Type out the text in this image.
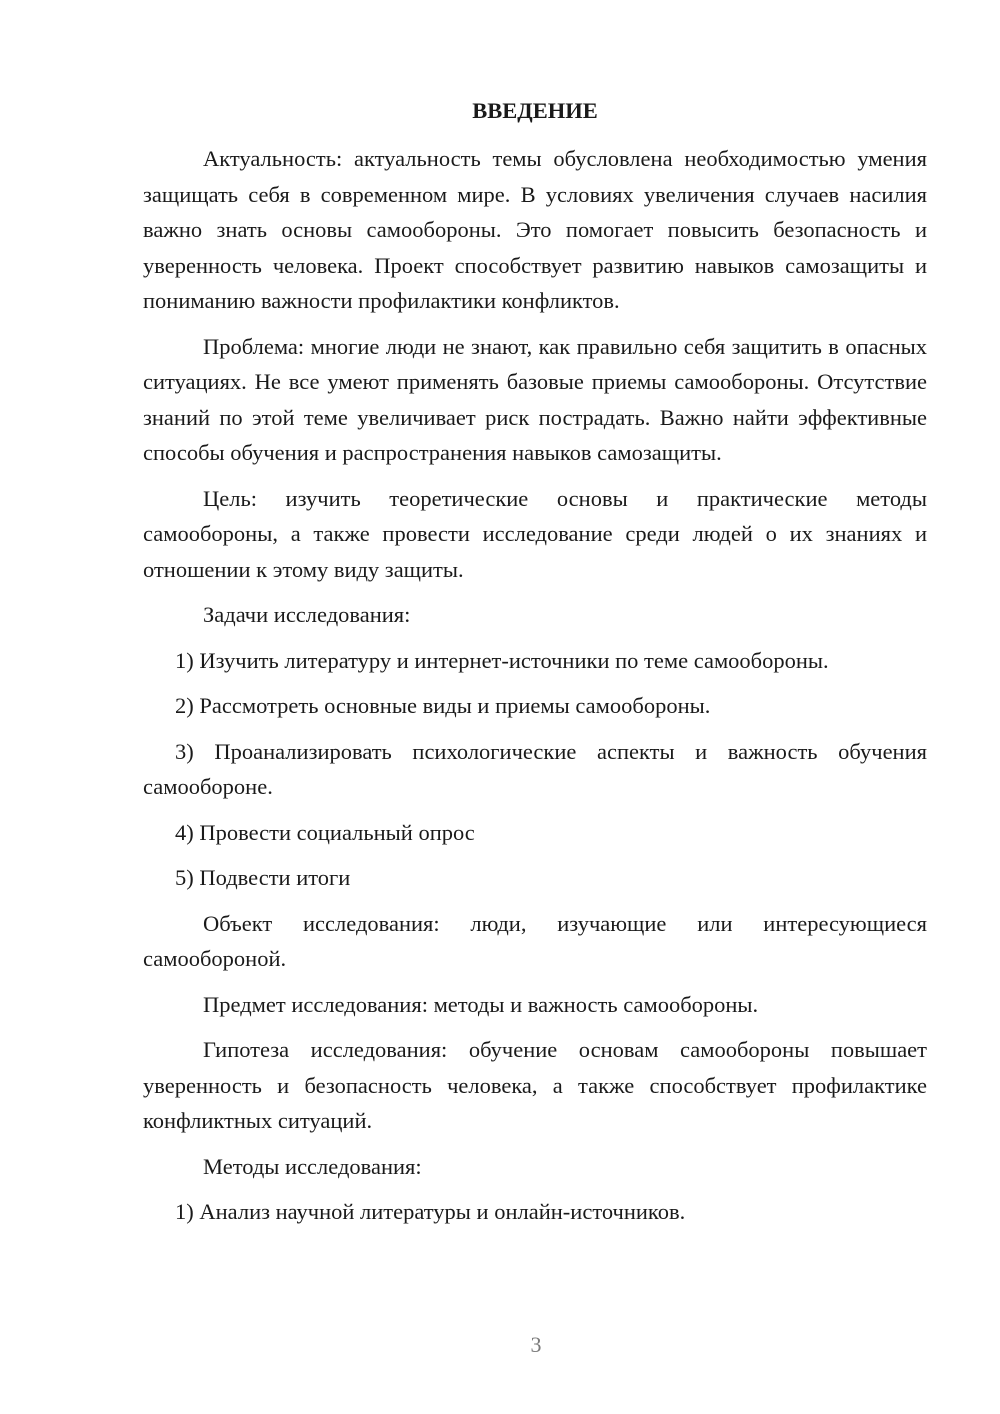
ВВЕДЕНИЕ

Актуальность: актуальность темы обусловлена необходимостью умения защищать себя в современном мире. В условиях увеличения случаев насилия важно знать основы самообороны. Это помогает повысить безопасность и уверенность человека. Проект способствует развитию навыков самозащиты и пониманию важности профилактики конфликтов.

Проблема: многие люди не знают, как правильно себя защитить в опасных ситуациях. Не все умеют применять базовые приемы самообороны. Отсутствие знаний по этой теме увеличивает риск пострадать. Важно найти эффективные способы обучения и распространения навыков самозащиты.

Цель: изучить теоретические основы и практические методы самообороны, а также провести исследование среди людей о их знаниях и отношении к этому виду защиты.

Задачи исследования:

1) Изучить литературу и интернет-источники по теме самообороны.

2) Рассмотреть основные виды и приемы самообороны.

3) Проанализировать психологические аспекты и важность обучения самообороне.

4) Провести социальный опрос

5) Подвести итоги

Объект исследования: люди, изучающие или интересующиеся самообороной.

Предмет исследования: методы и важность самообороны.

Гипотеза исследования: обучение основам самообороны повышает уверенность и безопасность человека, а также способствует профилактике конфликтных ситуаций.

Методы исследования:

1) Анализ научной литературы и онлайн-источников.

3
